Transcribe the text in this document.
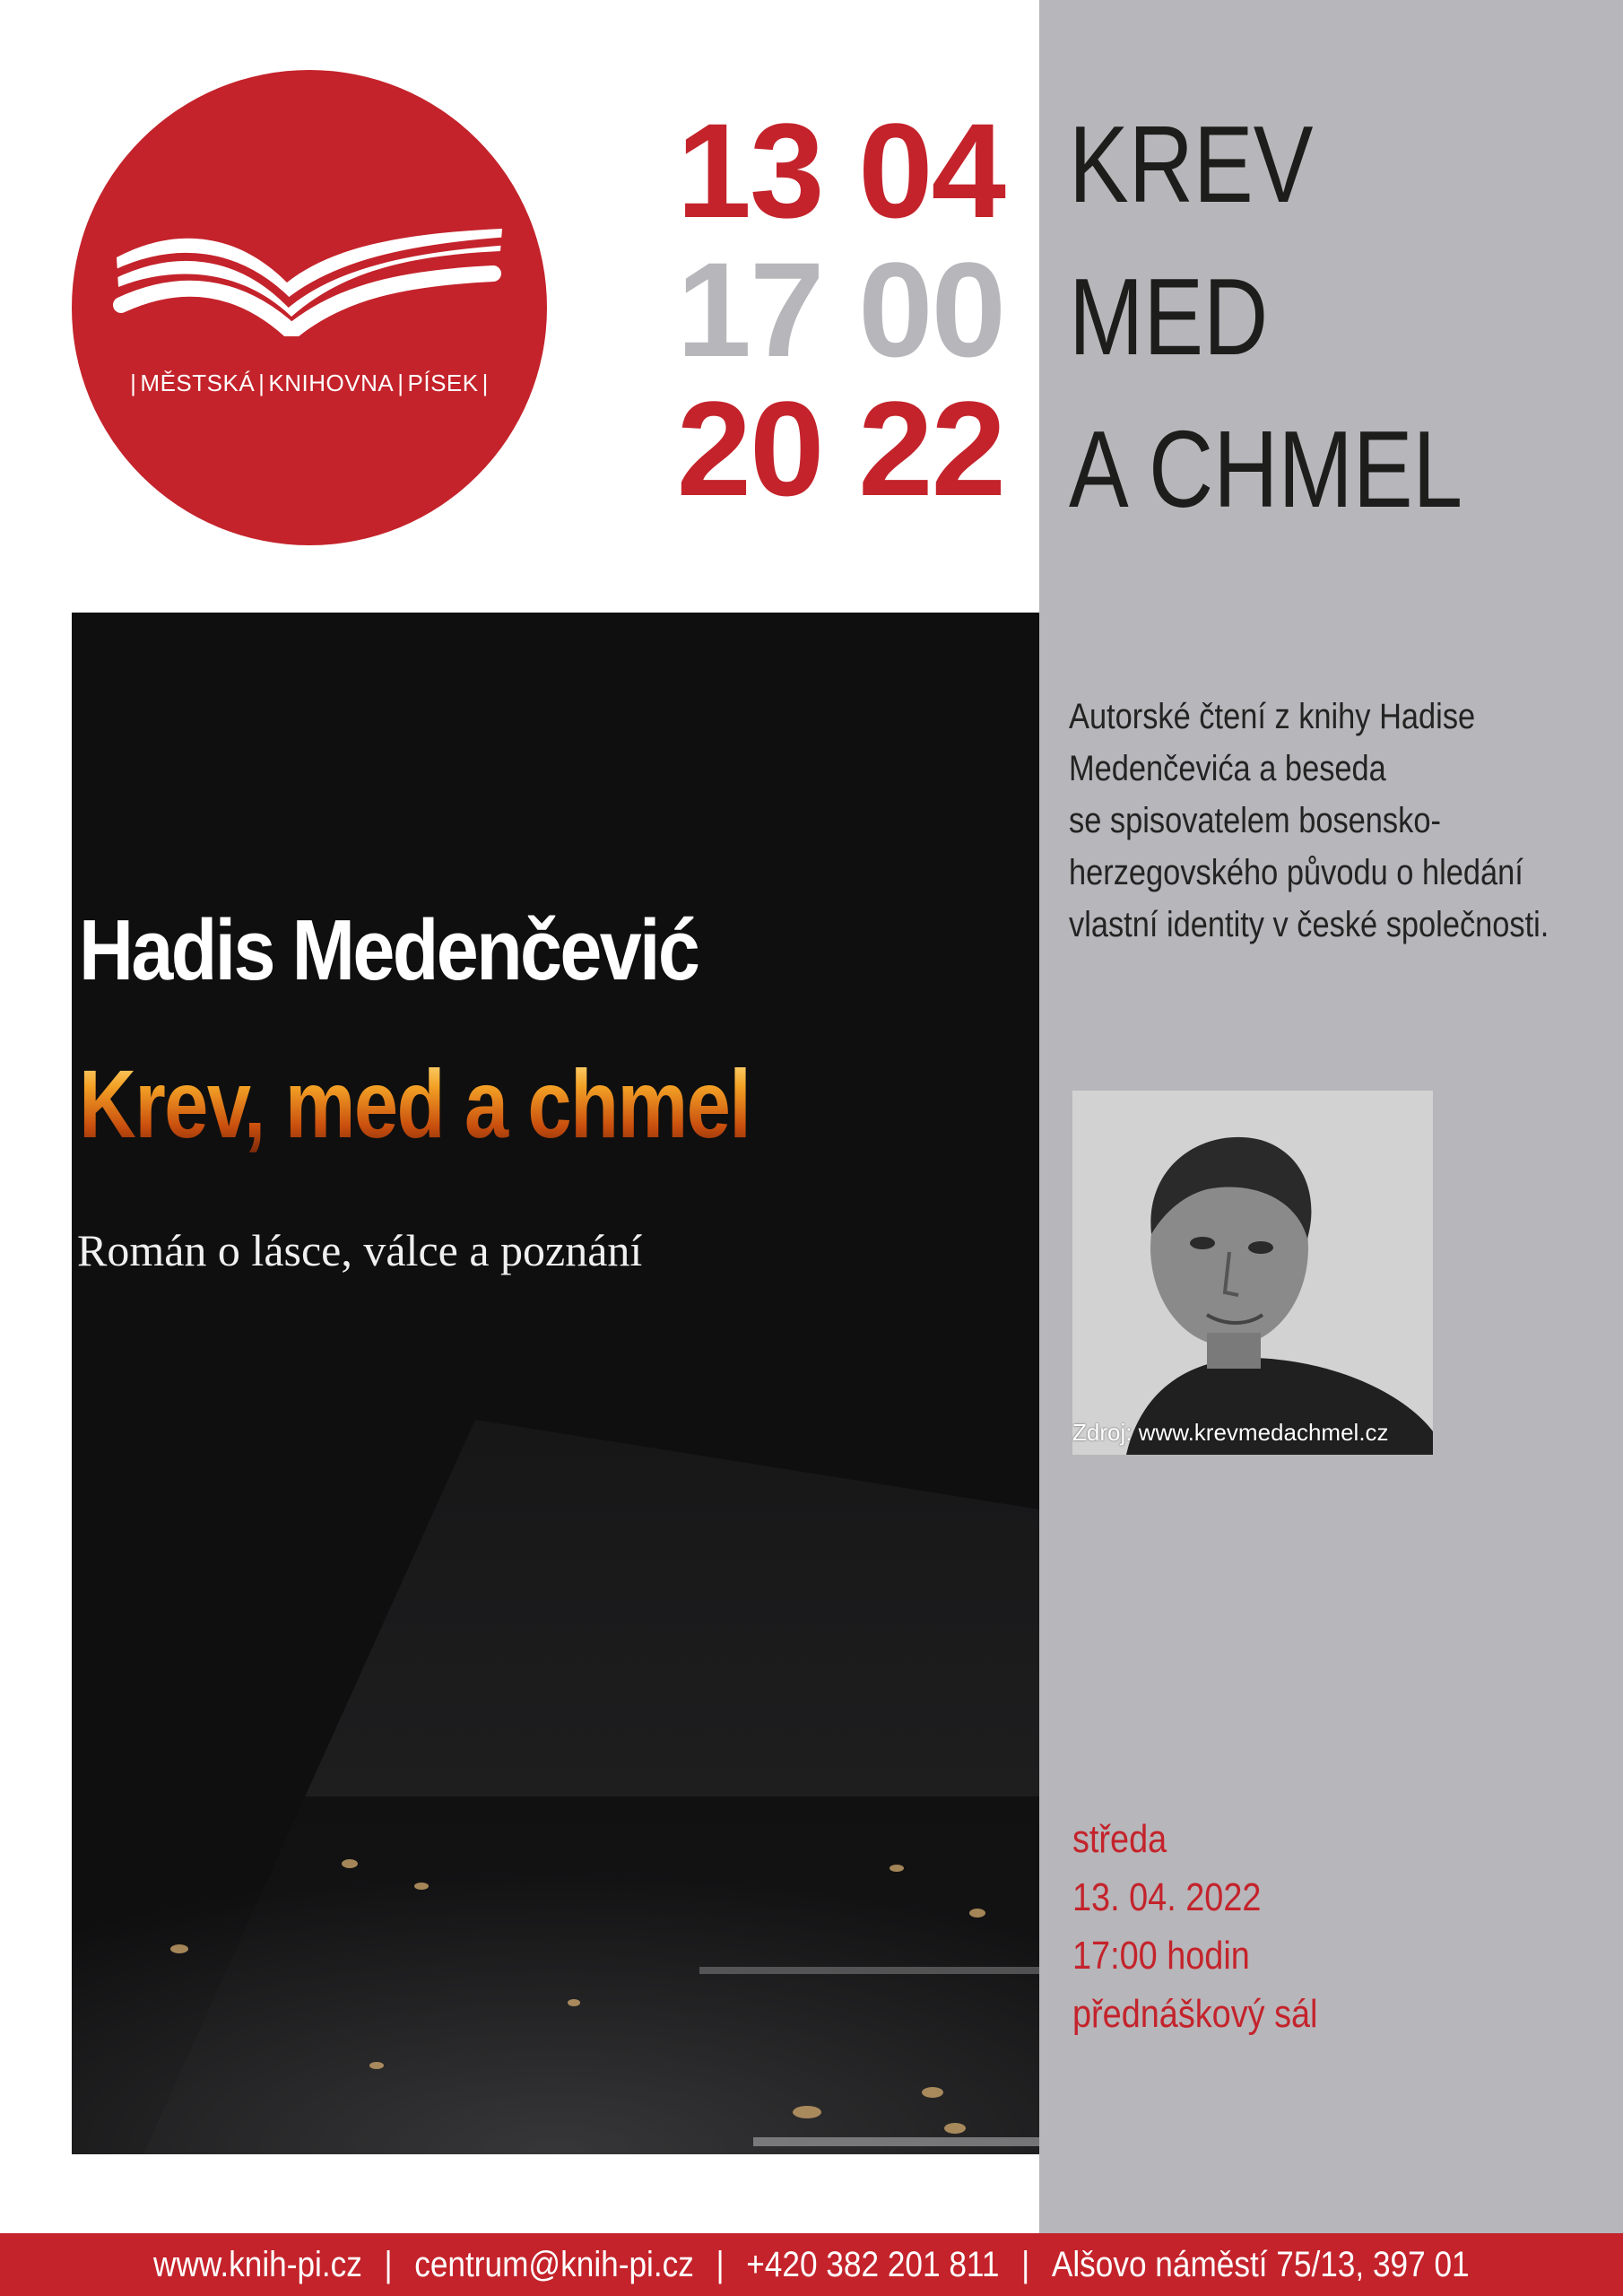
| MĚSTSKÁ | KNIHOVNA | PÍSEK |
13 04
17 00
20 22
KREV
MED
A CHMEL
Autorské čtení z knihy Hadise
Medenčevića a beseda
se spisovatelem bosensko-
herzegovského původu o hledání
vlastní identity v české společnosti.
Hadis Medenčević
Krev, med a chmel
Román o lásce, válce a poznání
Zdroj: www.krevmedachmel.cz
středa
13. 04. 2022
17:00 hodin
přednáškový sál
www.knih-pi.cz | centrum@knih-pi.cz | +420 382 201 811 | Alšovo náměstí 75/13, 397 01
